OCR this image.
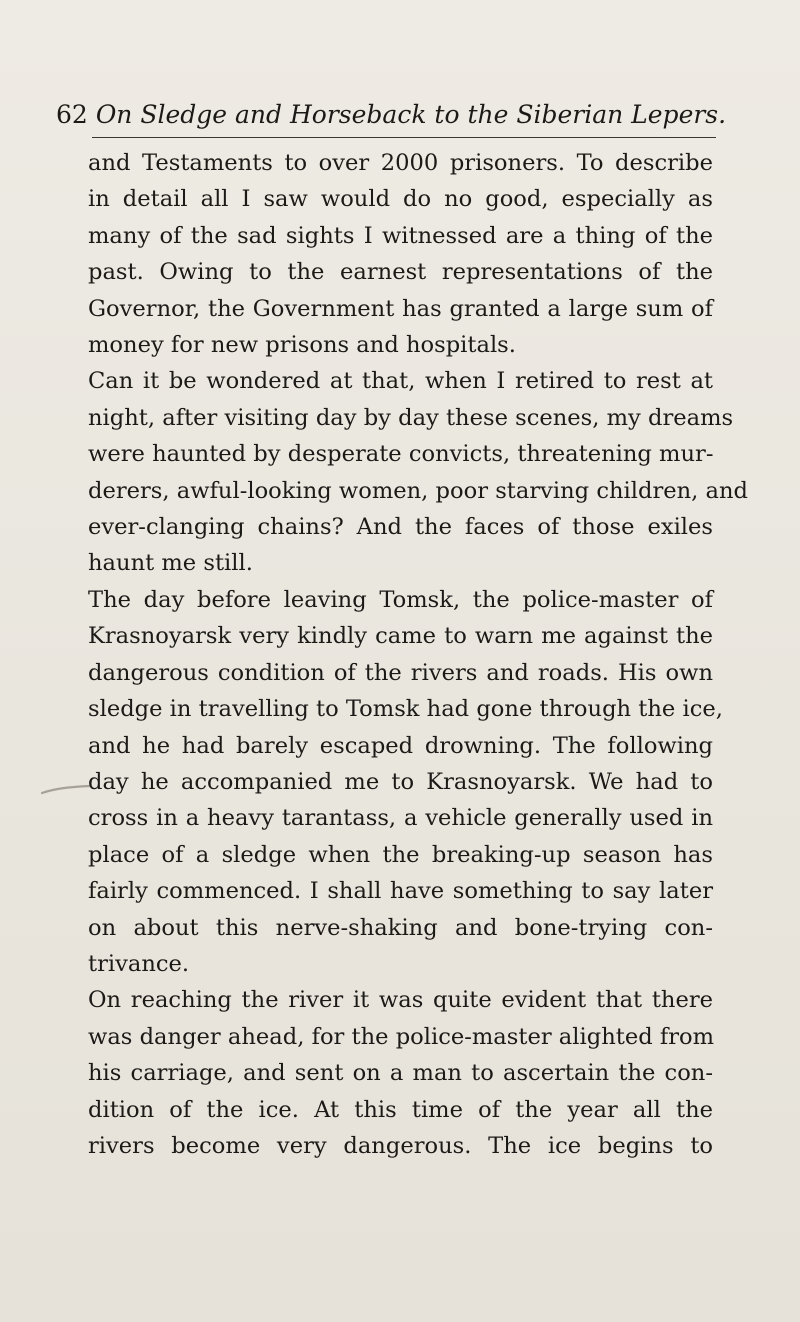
62 On Sledge and Horseback to the Siberian Lepers.
and Testaments to over 2000 prisoners. To describe
in detail all I saw would do no good, especially as
many of the sad sights I witnessed are a thing of the
past. Owing to the earnest representations of the
Governor, the Government has granted a large sum of
money for new prisons and hospitals.
Can it be wondered at that, when I retired to rest at
night, after visiting day by day these scenes, my dreams
were haunted by desperate convicts, threatening mur-
derers, awful-looking women, poor starving children, and
ever-clanging chains? And the faces of those exiles
haunt me still.
The day before leaving Tomsk, the police-master of
Krasnoyarsk very kindly came to warn me against the
dangerous condition of the rivers and roads. His own
sledge in travelling to Tomsk had gone through the ice,
and he had barely escaped drowning. The following
day he accompanied me to Krasnoyarsk. We had to
cross in a heavy tarantass, a vehicle generally used in
place of a sledge when the breaking-up season has
fairly commenced. I shall have something to say later
on about this nerve-shaking and bone-trying con-
trivance.
On reaching the river it was quite evident that there
was danger ahead, for the police-master alighted from
his carriage, and sent on a man to ascertain the con-
dition of the ice. At this time of the year all the
rivers become very dangerous. The ice begins to
